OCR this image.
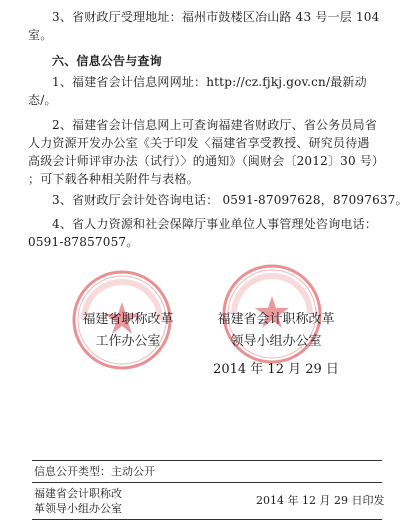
3、省财政厅受理地址：福州市鼓楼区冶山路 43 号一层 104
室。
六、信息公告与查询
1、福建省会计信息网网址：http://cz.fjkj.gov.cn/最新动
态/。
2、福建省会计信息网上可查询福建省财政厅、省公务员局省
人力资源开发办公室《关于印发〈福建省享受教授、研究员待遇
高级会计师评审办法（试行）〉的通知》（闽财会〔2012〕30 号）
；可下载各种相关附件与表格。
3、省财政厅会计处咨询电话： 0591-87097628，87097637。
4、省人力资源和社会保障厅事业单位人事管理处咨询电话：
0591-87857057。
福建省职称改革
工作办公室
福建省会计职称改革
领导小组办公室
2014 年 12 月 29 日
信息公开类型：主动公开
福建省会计职称改
革领导小组办公室
2014 年 12 月 29 日印发
